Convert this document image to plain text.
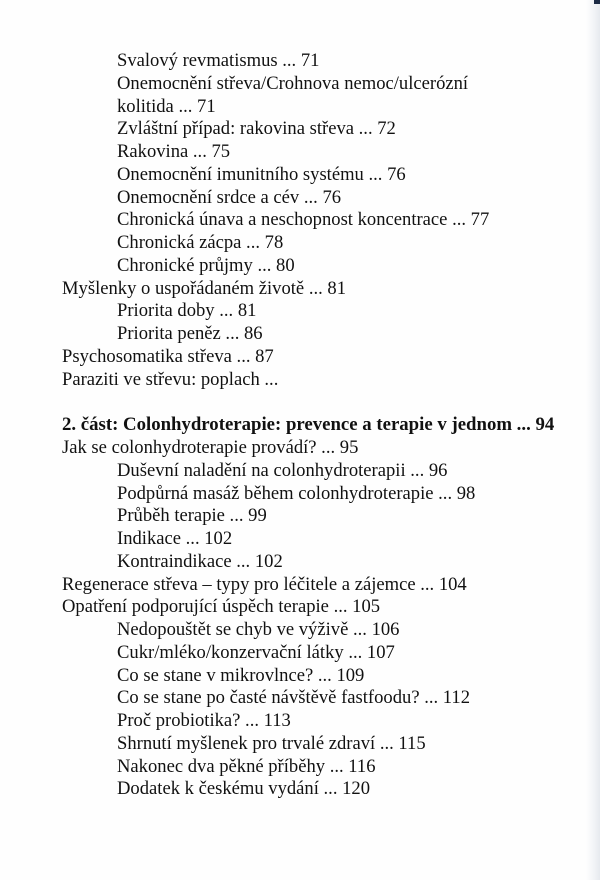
Svalový revmatismus ... 71
Onemocnění střeva/Crohnova nemoc/ulcerózní
kolitida ... 71
Zvláštní případ: rakovina střeva ... 72
Rakovina ... 75
Onemocnění imunitního systému ... 76
Onemocnění srdce a cév ... 76
Chronická únava a neschopnost koncentrace ... 77
Chronická zácpa ... 78
Chronické průjmy ... 80
Myšlenky o uspořádaném životě ... 81
Priorita doby ... 81
Priorita peněz ... 86
Psychosomatika střeva ... 87
Paraziti ve střevu: poplach ...
2. část: Colonhydroterapie: prevence a terapie v jednom ... 94
Jak se colonhydroterapie provádí? ... 95
Duševní naladění na colonhydroterapii ... 96
Podpůrná masáž během colonhydroterapie ... 98
Průběh terapie ... 99
Indikace ... 102
Kontraindikace ... 102
Regenerace střeva – typy pro léčitele a zájemce ... 104
Opatření podporující úspěch terapie ... 105
Nedopouštět se chyb ve výživě ... 106
Cukr/mléko/konzervační látky ... 107
Co se stane v mikrovlnce? ... 109
Co se stane po časté návštěvě fastfoodu? ... 112
Proč probiotika? ... 113
Shrnutí myšlenek pro trvalé zdraví ... 115
Nakonec dva pěkné příběhy ... 116
Dodatek k českému vydání ... 120
